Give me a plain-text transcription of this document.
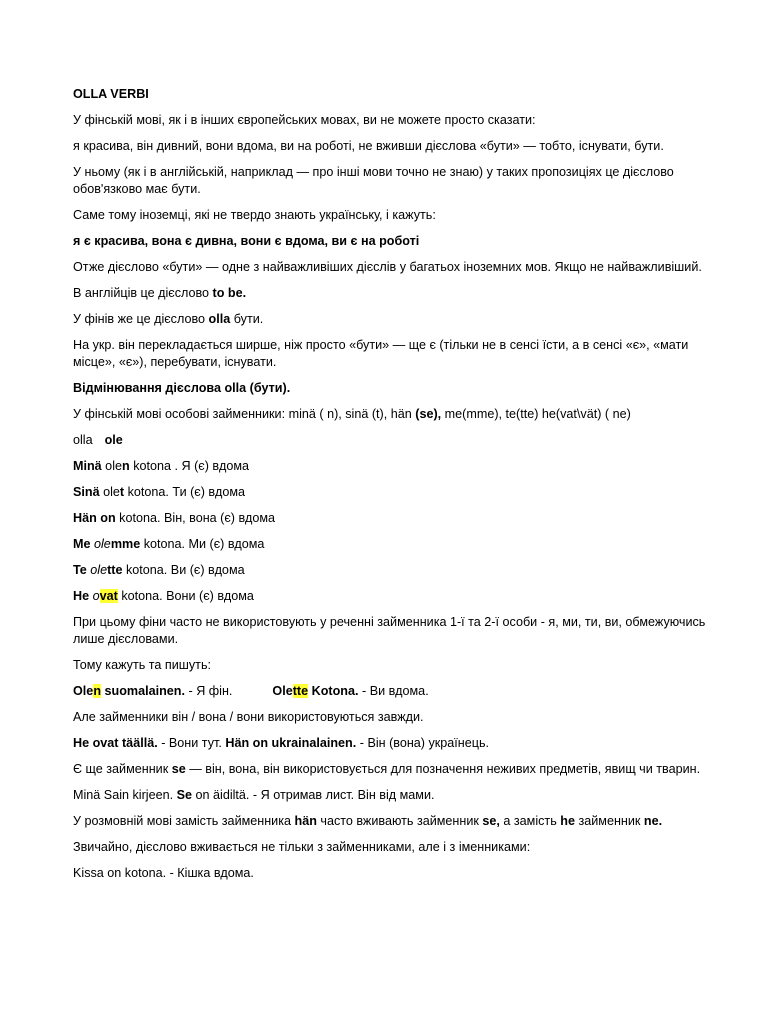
OLLA VERBI
У фінській мові, як і в інших європейських мовах, ви не можете просто сказати:
я красива, він дивний, вони вдома, ви на роботі, не вживши дієслова «бути» — тобто, існувати, бути.
У ньому (як і в англійській, наприклад — про інші мови точно не знаю) у таких пропозиціях це дієслово обов'язково має бути.
Саме тому іноземці, які не твердо знають українську, і кажуть:
я є красива, вона є дивна, вони є вдома, ви є на роботі
Отже дієслово «бути» — одне з найважливіших дієслів у багатьох іноземних мов. Якщо не найважливіший.
В англійців це дієслово to be.
У фінів же це дієслово olla бути.
На укр. він перекладається ширше, ніж просто «бути» — ще є (тільки не в сенсі їсти, а в сенсі «є», «мати місце», «є»), перебувати, існувати.
Відмінювання дієслова olla (бути).
У фінській мові особові займенники: minä ( n), sinä (t), hän (se), me(mme), te(tte) he(vat\vät) ( ne)
olla ole
Minä olen kotona . Я (є) вдома
Sinä olet kotona. Ти (є) вдома
Hän on kotona. Він, вона (є) вдома
Me olemme kotona. Ми (є) вдома
Te olette kotona. Ви (є) вдома
He ovat kotona. Вони (є) вдома
При цьому фіни часто не використовують у реченні займенника 1-ї та 2-ї особи - я, ми, ти, ви, обмежуючись лише дієсловами.
Тому кажуть та пишуть:
Olen suomalainen. - Я фін.	Olette Kotona. - Ви вдома.
Але займенники він / вона / вони використовуються завжди.
He ovat täällä. - Вони тут. Hän on ukrainalainen. - Він (вона) українець.
Є ще займенник se — він, вона, він використовується для позначення неживих предметів, явищ чи тварин.
Minä Sain kirjeen. Se on äidiltä. - Я отримав лист. Він від мами.
У розмовній мові замість займенника hän часто вживають займенник se, а замість he займенник ne.
Звичайно, дієслово вживається не тільки з займенниками, але і з іменниками:
Kissa on kotona. - Кішка вдома.
